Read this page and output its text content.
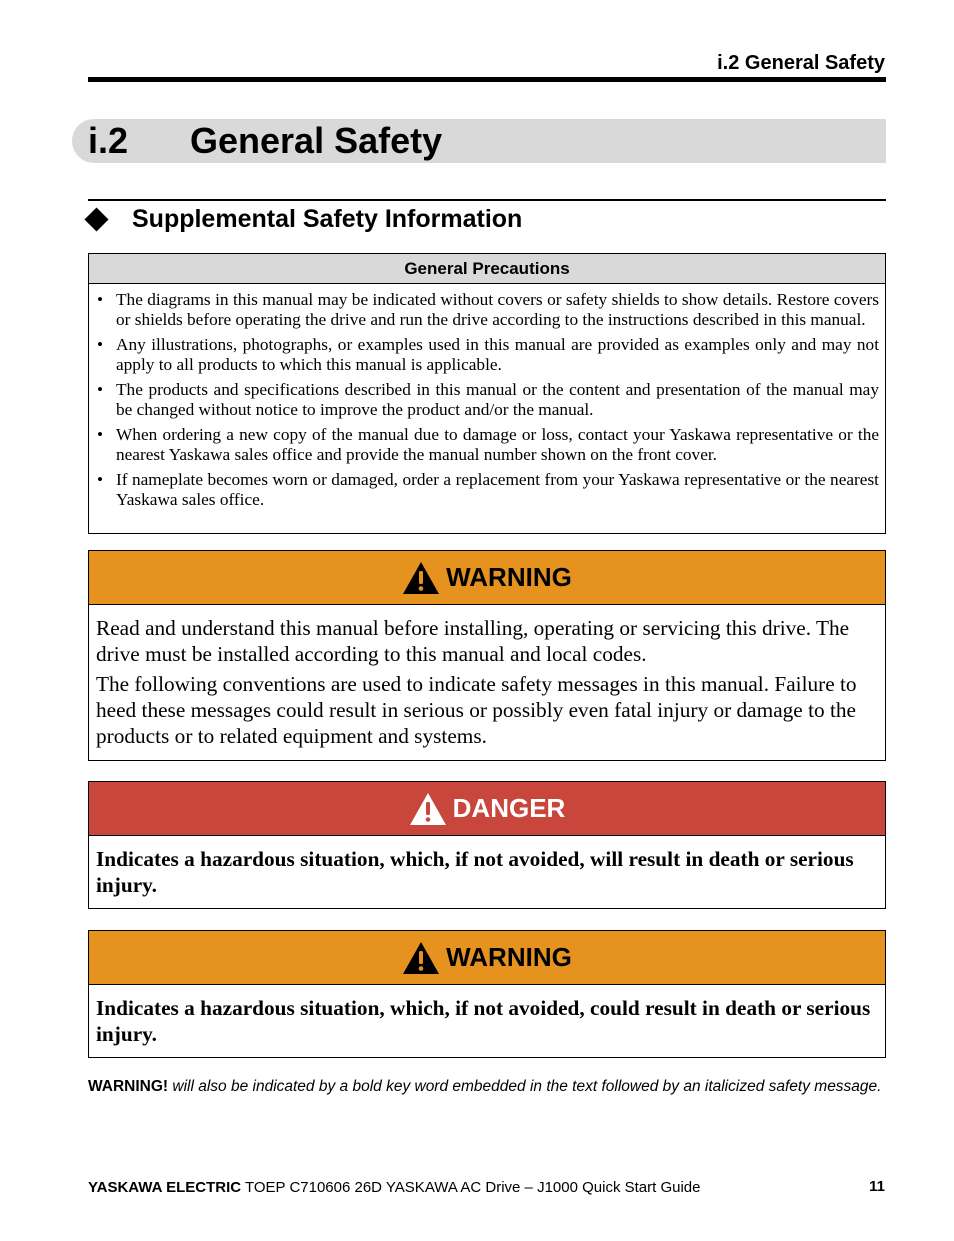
i.2 General Safety
i.2 General Safety
Supplemental Safety Information
General Precautions
• The diagrams in this manual may be indicated without covers or safety shields to show details. Restore covers or shields before operating the drive and run the drive according to the instructions described in this manual.
• Any illustrations, photographs, or examples used in this manual are provided as examples only and may not apply to all products to which this manual is applicable.
• The products and specifications described in this manual or the content and presentation of the manual may be changed without notice to improve the product and/or the manual.
• When ordering a new copy of the manual due to damage or loss, contact your Yaskawa representative or the nearest Yaskawa sales office and provide the manual number shown on the front cover.
• If nameplate becomes worn or damaged, order a replacement from your Yaskawa representative or the nearest Yaskawa sales office.
WARNING

Read and understand this manual before installing, operating or servicing this drive. The drive must be installed according to this manual and local codes.

The following conventions are used to indicate safety messages in this manual. Failure to heed these messages could result in serious or possibly even fatal injury or damage to the products or to related equipment and systems.

DANGER

Indicates a hazardous situation, which, if not avoided, will result in death or serious injury.

WARNING

Indicates a hazardous situation, which, if not avoided, could result in death or serious injury.

WARNING! will also be indicated by a bold key word embedded in the text followed by an italicized safety message.
YASKAWA ELECTRIC TOEP C710606 26D YASKAWA AC Drive – J1000 Quick Start Guide	11
